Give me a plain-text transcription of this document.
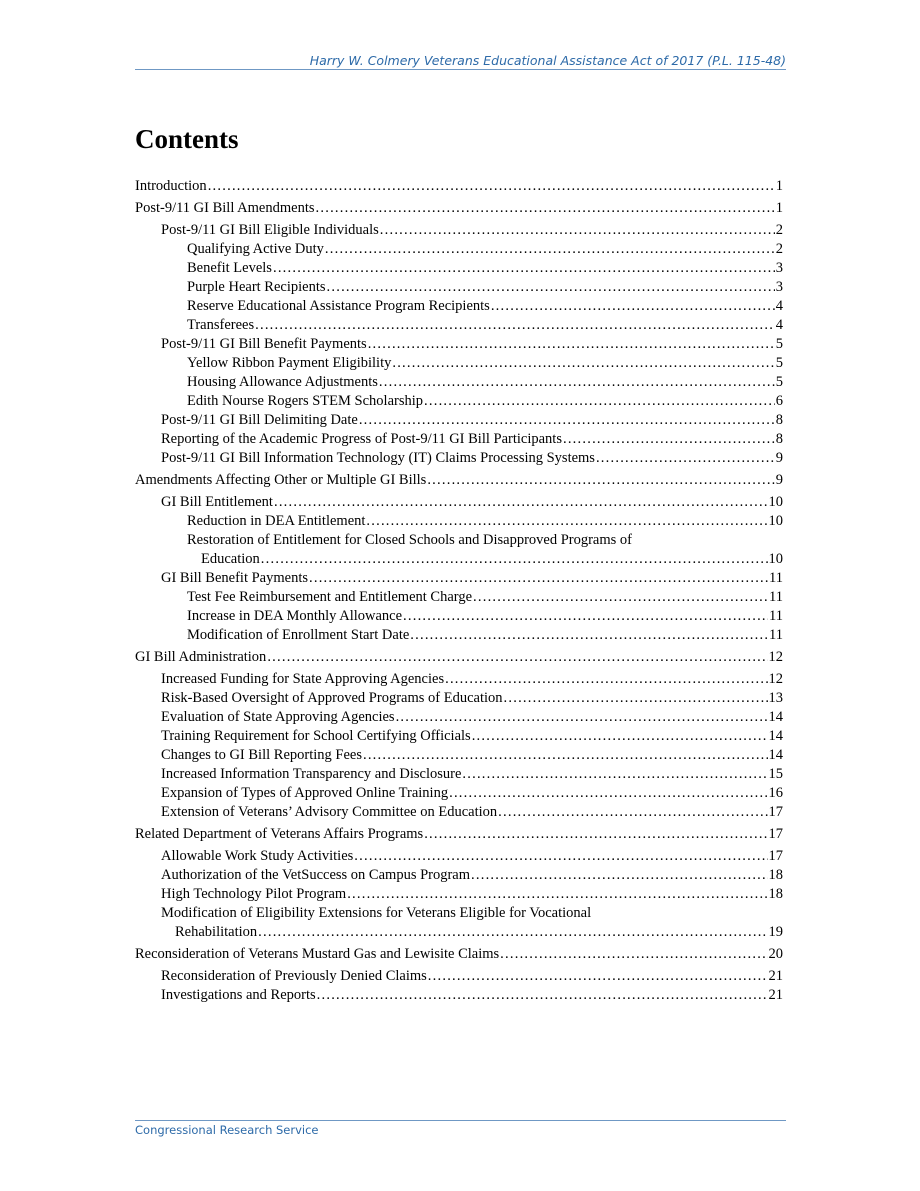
Harry W. Colmery Veterans Educational Assistance Act of 2017 (P.L. 115-48)
Contents
Introduction . . .	1
Post-9/11 GI Bill Amendments . . .	1
Post-9/11 GI Bill Eligible Individuals . . .	2
Qualifying Active Duty . . .	2
Benefit Levels . . .	3
Purple Heart Recipients . . .	3
Reserve Educational Assistance Program Recipients . . .	4
Transferees . . .	4
Post-9/11 GI Bill Benefit Payments . . .	5
Yellow Ribbon Payment Eligibility . . .	5
Housing Allowance Adjustments . . .	5
Edith Nourse Rogers STEM Scholarship . . .	6
Post-9/11 GI Bill Delimiting Date . . .	8
Reporting of the Academic Progress of Post-9/11 GI Bill Participants . . .	8
Post-9/11 GI Bill Information Technology (IT) Claims Processing Systems . . .	9
Amendments Affecting Other or Multiple GI Bills . . .	9
GI Bill Entitlement . . .	10
Reduction in DEA Entitlement . . .	10
Restoration of Entitlement for Closed Schools and Disapproved Programs of
Education . . .	10
GI Bill Benefit Payments . . .	11
Test Fee Reimbursement and Entitlement Charge . . .	11
Increase in DEA Monthly Allowance . . .	11
Modification of Enrollment Start Date . . .	11
GI Bill Administration . . .	12
Increased Funding for State Approving Agencies . . .	12
Risk-Based Oversight of Approved Programs of Education . . .	13
Evaluation of State Approving Agencies . . .	14
Training Requirement for School Certifying Officials . . .	14
Changes to GI Bill Reporting Fees . . .	14
Increased Information Transparency and Disclosure . . .	15
Expansion of Types of Approved Online Training . . .	16
Extension of Veterans’ Advisory Committee on Education . . .	17
Related Department of Veterans Affairs Programs . . .	17
Allowable Work Study Activities . . .	17
Authorization of the VetSuccess on Campus Program . . .	18
High Technology Pilot Program . . .	18
Modification of Eligibility Extensions for Veterans Eligible for Vocational
Rehabilitation . . .	19
Reconsideration of Veterans Mustard Gas and Lewisite Claims . . .	20
Reconsideration of Previously Denied Claims . . .	21
Investigations and Reports . . .	21
Congressional Research Service
